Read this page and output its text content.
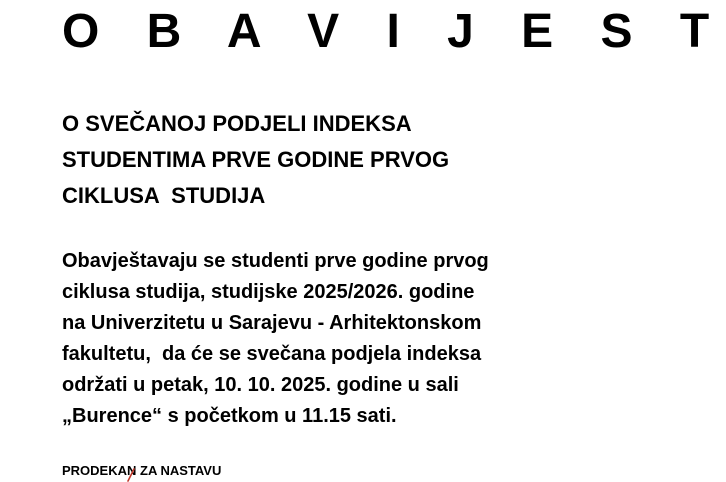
O B A V I J E S T
O SVEČANOJ PODJELI INDEKSA
STUDENTIMA PRVE GODINE PRVOG
CIKLUSA  STUDIJA
Obavještavaju se studenti prve godine prvog
ciklusa studija, studijske 2025/2026. godine
na Univerzitetu u Sarajevu - Arhitektonskom
fakultetu,  da će se svečana podjela indeksa
održati u petak, 10. 10. 2025. godine u sali
„Burence“ s početkom u 11.15 sati.
PRODEKAN ZA NASTAVU
